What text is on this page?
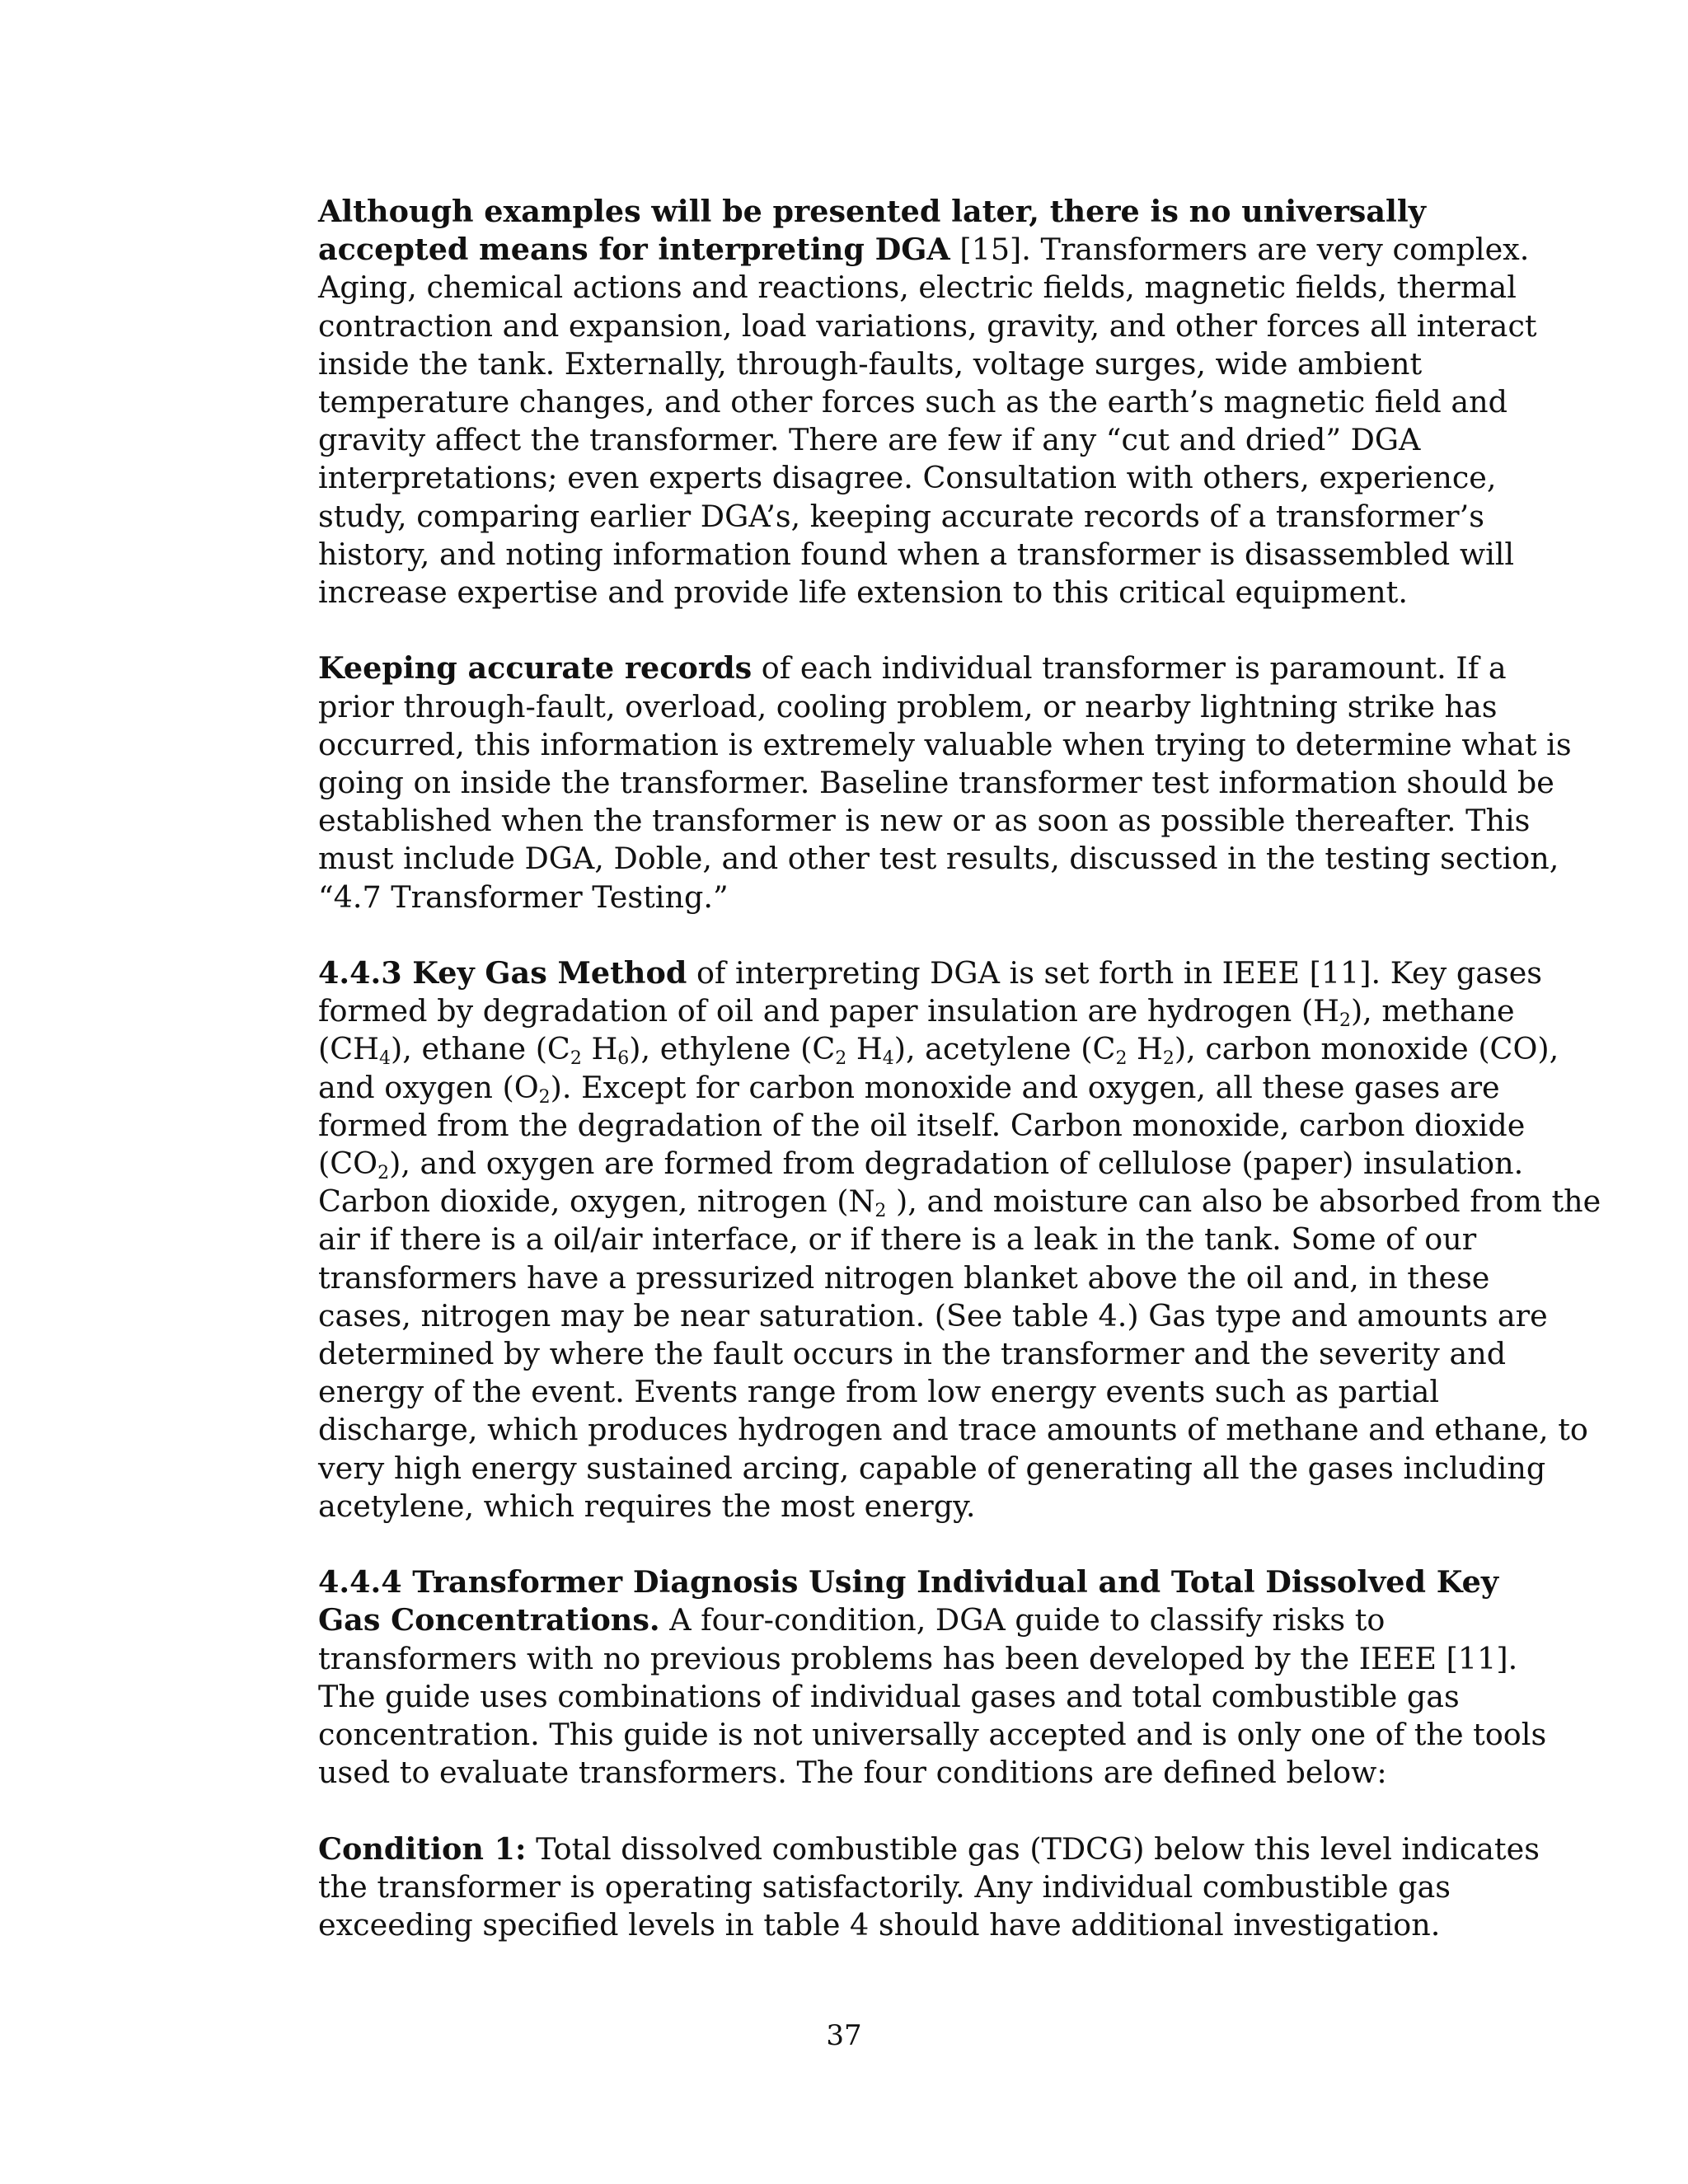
Although examples will be presented later, there is no universally
accepted means for interpreting DGA [15]. Transformers are very complex.
Aging, chemical actions and reactions, electric fields, magnetic fields, thermal
contraction and expansion, load variations, gravity, and other forces all interact
inside the tank. Externally, through-faults, voltage surges, wide ambient
temperature changes, and other forces such as the earth’s magnetic field and
gravity affect the transformer. There are few if any “cut and dried” DGA
interpretations; even experts disagree. Consultation with others, experience,
study, comparing earlier DGA’s, keeping accurate records of a transformer’s
history, and noting information found when a transformer is disassembled will
increase expertise and provide life extension to this critical equipment.
Keeping accurate records of each individual transformer is paramount. If a
prior through-fault, overload, cooling problem, or nearby lightning strike has
occurred, this information is extremely valuable when trying to determine what is
going on inside the transformer. Baseline transformer test information should be
established when the transformer is new or as soon as possible thereafter. This
must include DGA, Doble, and other test results, discussed in the testing section,
“4.7 Transformer Testing.”
4.4.3 Key Gas Method of interpreting DGA is set forth in IEEE [11]. Key gases
formed by degradation of oil and paper insulation are hydrogen $(H_2)$, methane
$(CH_4)$, ethane ($C_2$ $H_6$), ethylene ($C_2$ $H_4$), acetylene ($C_2$ $H_2$), carbon monoxide (CO),
and oxygen $(O_2)$. Except for carbon monoxide and oxygen, all these gases are
formed from the degradation of the oil itself. Carbon monoxide, carbon dioxide
$(CO_2)$, and oxygen are formed from degradation of cellulose (paper) insulation.
Carbon dioxide, oxygen, nitrogen ($N_2$ ), and moisture can also be absorbed from the
air if there is a oil/air interface, or if there is a leak in the tank. Some of our
transformers have a pressurized nitrogen blanket above the oil and, in these
cases, nitrogen may be near saturation. (See table 4.) Gas type and amounts are
determined by where the fault occurs in the transformer and the severity and
energy of the event. Events range from low energy events such as partial
discharge, which produces hydrogen and trace amounts of methane and ethane, to
very high energy sustained arcing, capable of generating all the gases including
acetylene, which requires the most energy.
4.4.4 Transformer Diagnosis Using Individual and Total Dissolved Key
Gas Concentrations. A four-condition, DGA guide to classify risks to
transformers with no previous problems has been developed by the IEEE [11].
The guide uses combinations of individual gases and total combustible gas
concentration. This guide is not universally accepted and is only one of the tools
used to evaluate transformers. The four conditions are defined below:
Condition 1: Total dissolved combustible gas (TDCG) below this level indicates
the transformer is operating satisfactorily. Any individual combustible gas
exceeding specified levels in table 4 should have additional investigation.
37
